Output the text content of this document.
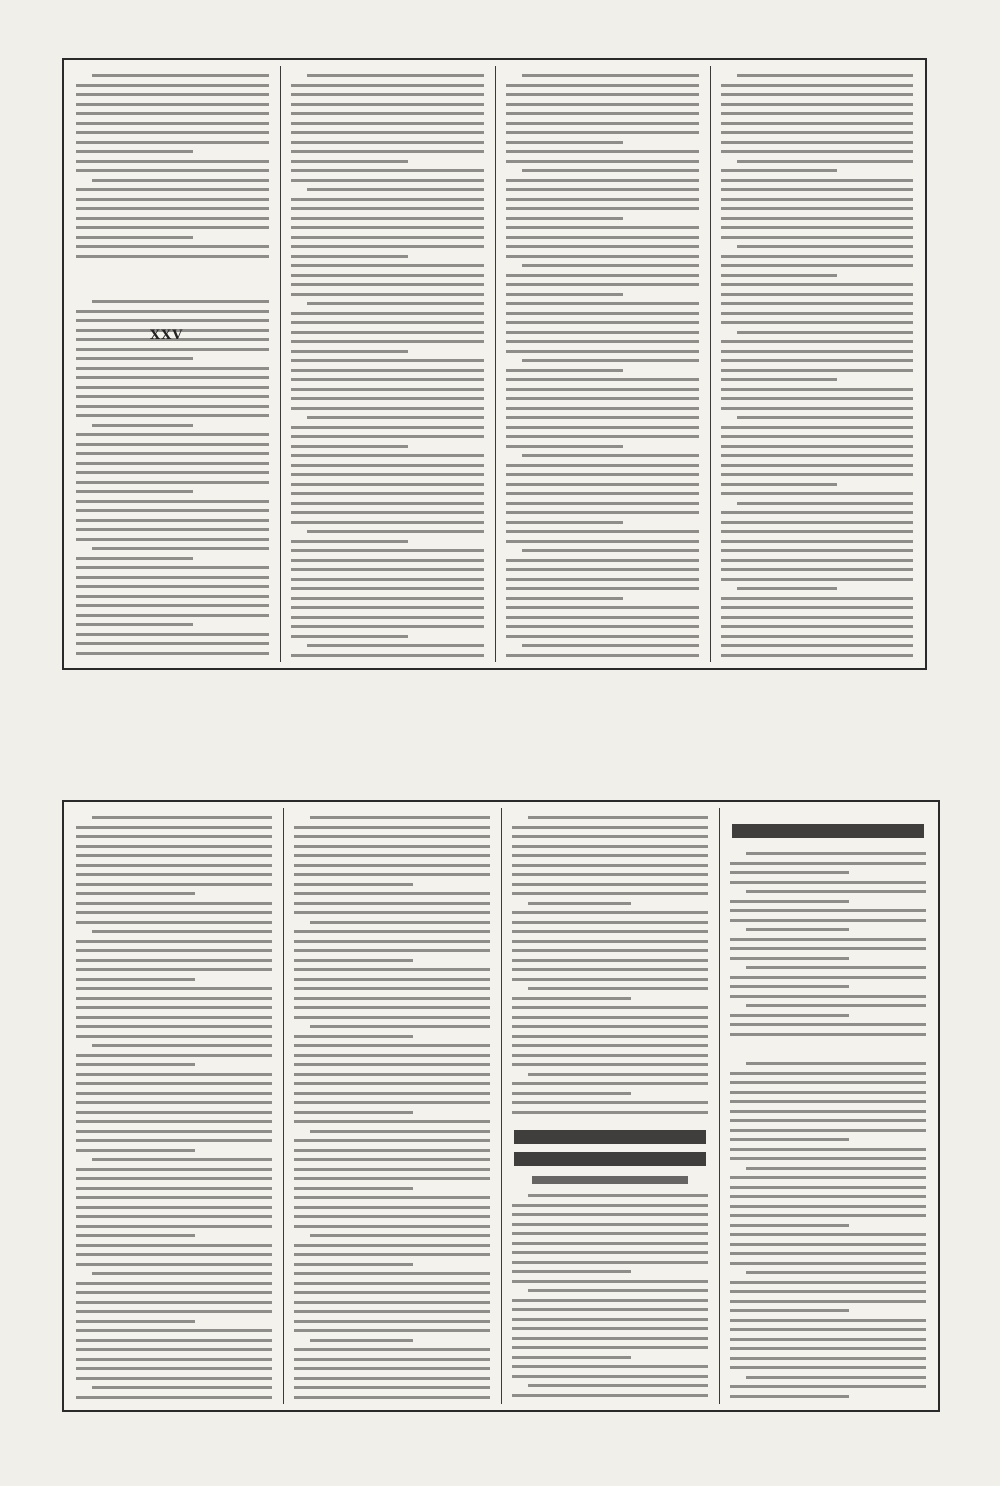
XXV
